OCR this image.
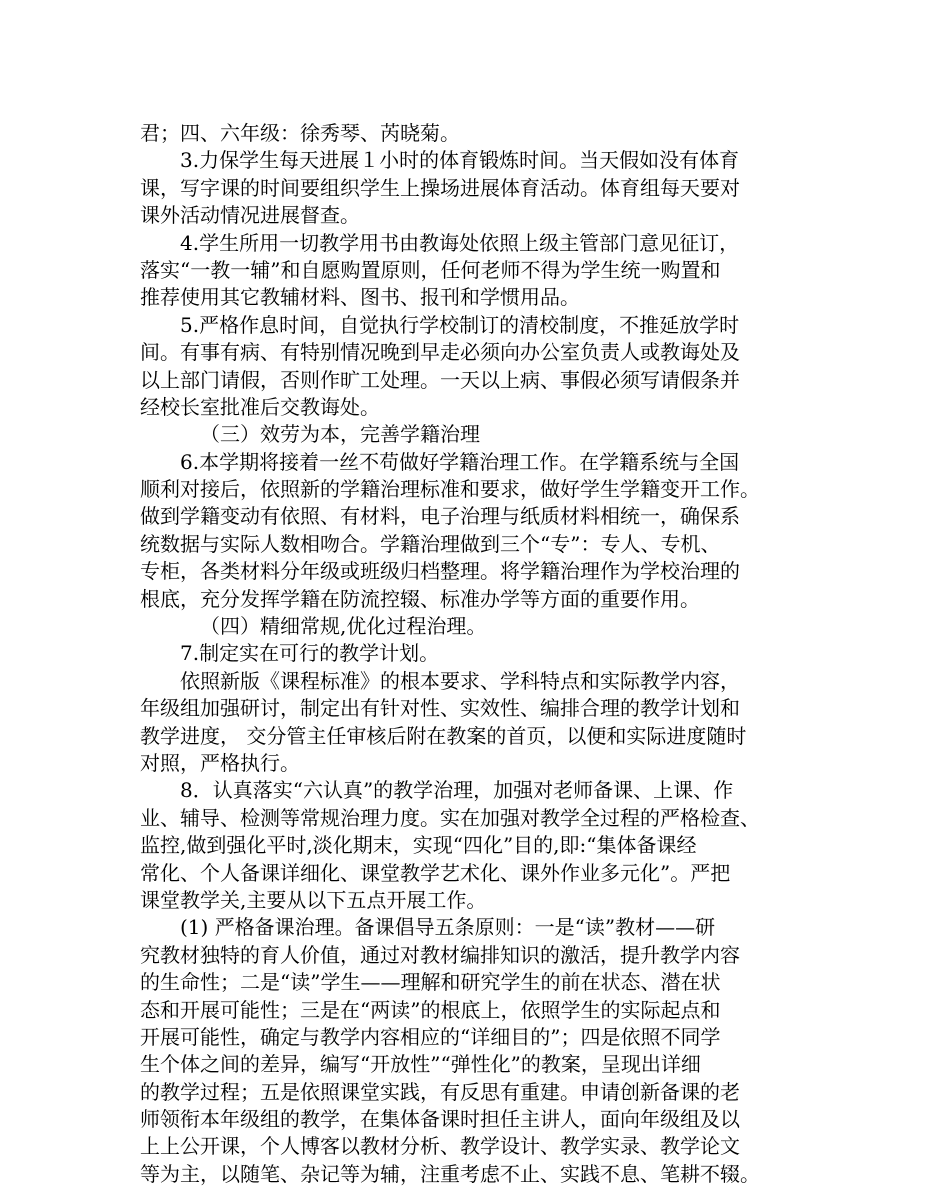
君；四、六年级：徐秀琴、芮晓菊。
3.力保学生每天进展１小时的体育锻炼时间。当天假如没有体育
课，写字课的时间要组织学生上操场进展体育活动。体育组每天要对
课外活动情况进展督查。
4.学生所用一切教学用书由教诲处依照上级主管部门意见征订，
落实“一教一辅”和自愿购置原则，任何老师不得为学生统一购置和
推荐使用其它教辅材料、图书、报刊和学惯用品。
5.严格作息时间，自觉执行学校制订的清校制度，不推延放学时
间。有事有病、有特别情况晚到早走必须向办公室负责人或教诲处及
以上部门请假，否则作旷工处理。一天以上病、事假必须写请假条并
经校长室批准后交教诲处。
（三）效劳为本，完善学籍治理
6.本学期将接着一丝不苟做好学籍治理工作。在学籍系统与全国
顺利对接后，依照新的学籍治理标准和要求，做好学生学籍变开工作。
做到学籍变动有依照、有材料，电子治理与纸质材料相统一，确保系
统数据与实际人数相吻合。学籍治理做到三个“专”：专人、专机、
专柜，各类材料分年级或班级归档整理。将学籍治理作为学校治理的
根底，充分发挥学籍在防流控辍、标准办学等方面的重要作用。
（四）精细常规,优化过程治理。
7.制定实在可行的教学计划。
依照新版《课程标准》的根本要求、学科特点和实际教学内容，
年级组加强研讨，制定出有针对性、实效性、编排合理的教学计划和
教学进度， 交分管主任审核后附在教案的首页，以便和实际进度随时
对照，严格执行。
8．认真落实“六认真”的教学治理，加强对老师备课、上课、作
业、辅导、检测等常规治理力度。实在加强对教学全过程的严格检查、
监控,做到强化平时,淡化期末，实现“四化”目的,即:“集体备课经
常化、个人备课详细化、课堂教学艺术化、课外作业多元化”。严把
课堂教学关,主要从以下五点开展工作。
(1) 严格备课治理。备课倡导五条原则：一是“读”教材——研
究教材独特的育人价值，通过对教材编排知识的激活，提升教学内容
的生命性；二是“读”学生——理解和研究学生的前在状态、潜在状
态和开展可能性；三是在“两读”的根底上，依照学生的实际起点和
开展可能性，确定与教学内容相应的“详细目的”；四是依照不同学
生个体之间的差异，编写“开放性”“弹性化”的教案，呈现出详细
的教学过程；五是依照课堂实践，有反思有重建。申请创新备课的老
师领衔本年级组的教学，在集体备课时担任主讲人，面向年级组及以
上上公开课，个人博客以教材分析、教学设计、教学实录、教学论文
等为主，以随笔、杂记等为辅，注重考虑不止、实践不息、笔耕不辍。
